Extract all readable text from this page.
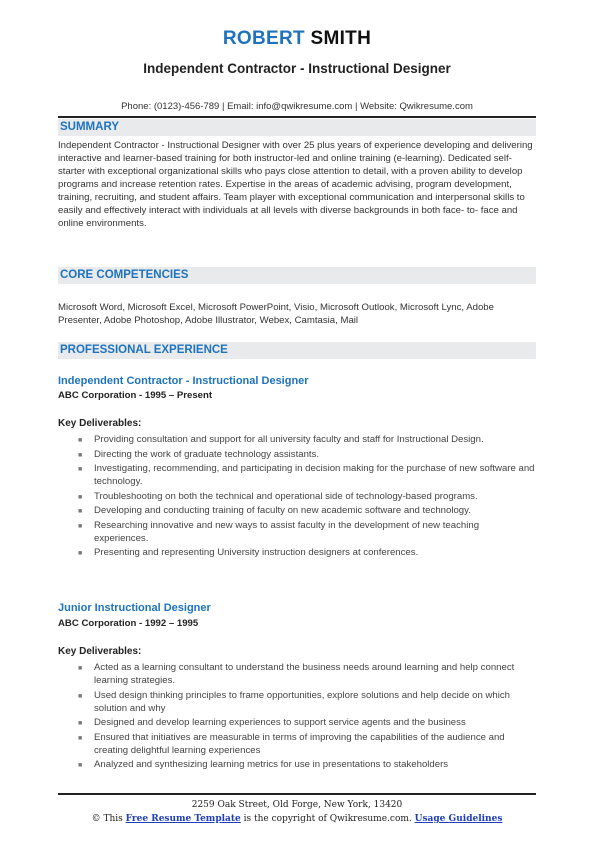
ROBERT SMITH
Independent Contractor - Instructional Designer
Phone: (0123)-456-789 | Email: info@qwikresume.com | Website: Qwikresume.com
SUMMARY
Independent Contractor - Instructional Designer with over 25 plus years of experience developing and delivering interactive and learner-based training for both instructor-led and online training (e-learning). Dedicated self-starter with exceptional organizational skills who pays close attention to detail, with a proven ability to develop programs and increase retention rates. Expertise in the areas of academic advising, program development, training, recruiting, and student affairs. Team player with exceptional communication and interpersonal skills to easily and effectively interact with individuals at all levels with diverse backgrounds in both face- to- face and online environments.
CORE COMPETENCIES
Microsoft Word, Microsoft Excel, Microsoft PowerPoint, Visio, Microsoft Outlook, Microsoft Lync, Adobe Presenter, Adobe Photoshop, Adobe Illustrator, Webex, Camtasia, Mail
PROFESSIONAL EXPERIENCE
Independent Contractor - Instructional Designer
ABC Corporation - 1995 – Present
Key Deliverables:
■ Providing consultation and support for all university faculty and staff for Instructional Design.
■ Directing the work of graduate technology assistants.
■ Investigating, recommending, and participating in decision making for the purchase of new software and technology.
■ Troubleshooting on both the technical and operational side of technology-based programs.
■ Developing and conducting training of faculty on new academic software and technology.
■ Researching innovative and new ways to assist faculty in the development of new teaching experiences.
■ Presenting and representing University instruction designers at conferences.
Junior Instructional Designer
ABC Corporation - 1992 – 1995
Key Deliverables:
■ Acted as a learning consultant to understand the business needs around learning and help connect learning strategies.
■ Used design thinking principles to frame opportunities, explore solutions and help decide on which solution and why
■ Designed and develop learning experiences to support service agents and the business
■ Ensured that initiatives are measurable in terms of improving the capabilities of the audience and creating delightful learning experiences
■ Analyzed and synthesizing learning metrics for use in presentations to stakeholders
2259 Oak Street, Old Forge, New York, 13420
© This Free Resume Template is the copyright of Qwikresume.com. Usage Guidelines
